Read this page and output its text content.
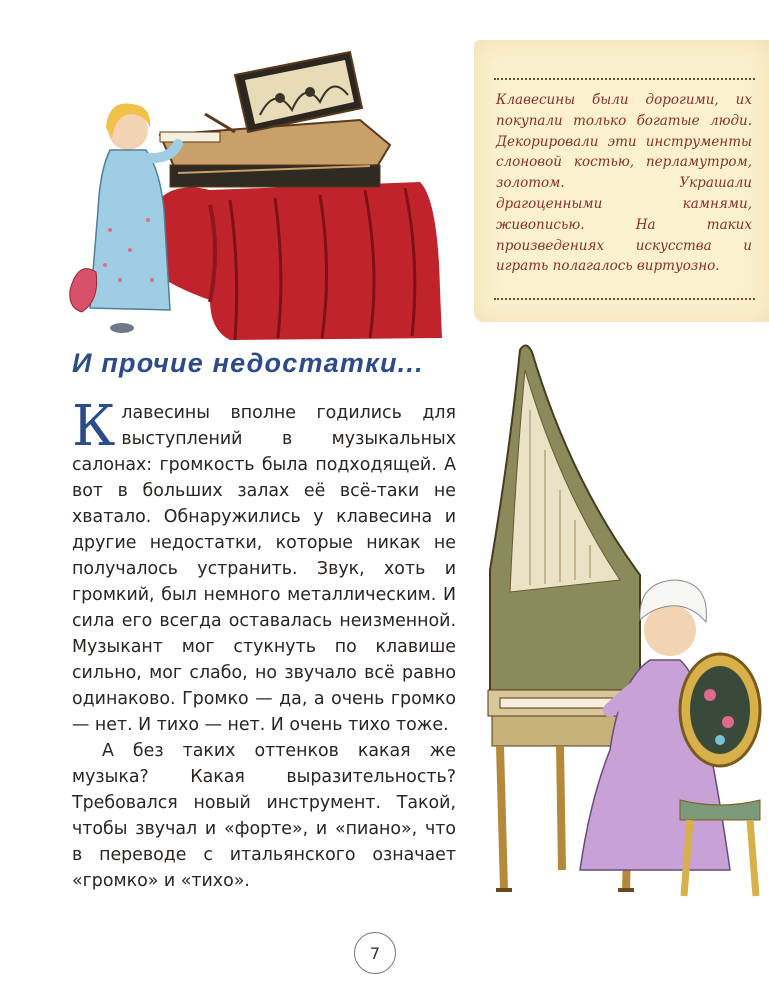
Клавесины были дорогими, их покупали только богатые люди. Декорировали эти инструменты слоновой костью, перламутром, золотом. Украшали драгоценными камнями, живописью. На таких произведениях искусства и играть полагалось виртуозно.
И прочие недостатки...

Клавесины вполне годились для выступлений в музыкальных салонах: громкость была подходящей. А вот в больших залах её всё-таки не хватало. Обнаружились у клавесина и другие недостатки, которые никак не получалось устранить. Звук, хоть и громкий, был немного металлическим. И сила его всегда оставалась неизменной. Музыкант мог стукнуть по клавише сильно, мог слабо, но звучало всё равно одинаково. Громко — да, а очень громко — нет. И тихо — нет. И очень тихо тоже.

А без таких оттенков какая же музыка? Какая выразительность? Требовался новый инструмент. Такой, чтобы звучал и «форте», и «пиано», что в переводе с итальянского означает «громко» и «тихо».

7
